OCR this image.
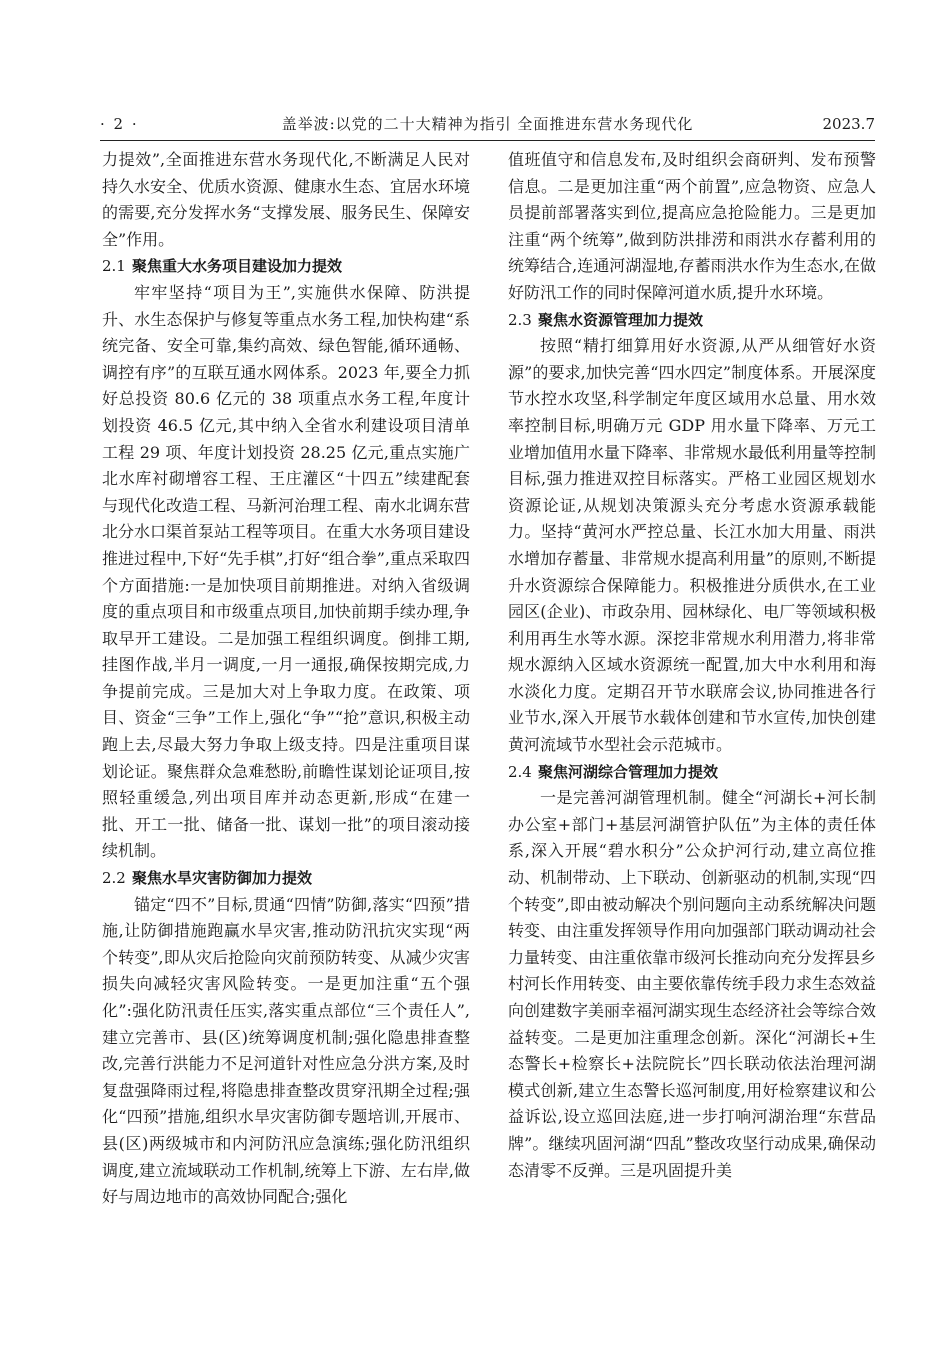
· 2 ·	盖举波:以党的二十大精神为指引 全面推进东营水务现代化	2023.7

力提效”,全面推进东营水务现代化,不断满足人民对持久水安全、优质水资源、健康水生态、宜居水环境的需要,充分发挥水务“支撑发展、服务民生、保障安全”作用。

2.1 聚焦重大水务项目建设加力提效

牢牢坚持“项目为王”,实施供水保障、防洪提升、水生态保护与修复等重点水务工程,加快构建“系统完备、安全可靠,集约高效、绿色智能,循环通畅、调控有序”的互联互通水网体系。2023 年,要全力抓好总投资 80.6 亿元的 38 项重点水务工程,年度计划投资 46.5 亿元,其中纳入全省水利建设项目清单工程 29 项、年度计划投资 28.25 亿元,重点实施广北水库衬砌增容工程、王庄灌区“十四五”续建配套与现代化改造工程、马新河治理工程、南水北调东营北分水口渠首泵站工程等项目。在重大水务项目建设推进过程中,下好“先手棋”,打好“组合拳”,重点采取四个方面措施:一是加快项目前期推进。对纳入省级调度的重点项目和市级重点项目,加快前期手续办理,争取早开工建设。二是加强工程组织调度。倒排工期,挂图作战,半月一调度,一月一通报,确保按期完成,力争提前完成。三是加大对上争取力度。在政策、项目、资金“三争”工作上,强化“争”“抢”意识,积极主动跑上去,尽最大努力争取上级支持。四是注重项目谋划论证。聚焦群众急难愁盼,前瞻性谋划论证项目,按照轻重缓急,列出项目库并动态更新,形成“在建一批、开工一批、储备一批、谋划一批”的项目滚动接续机制。

2.2 聚焦水旱灾害防御加力提效

锚定“四不”目标,贯通“四情”防御,落实“四预”措施,让防御措施跑赢水旱灾害,推动防汛抗灾实现“两个转变”,即从灾后抢险向灾前预防转变、从减少灾害损失向减轻灾害风险转变。一是更加注重“五个强化”:强化防汛责任压实,落实重点部位“三个责任人”,建立完善市、县(区)统筹调度机制;强化隐患排查整改,完善行洪能力不足河道针对性应急分洪方案,及时复盘强降雨过程,将隐患排查整改贯穿汛期全过程;强化“四预”措施,组织水旱灾害防御专题培训,开展市、县(区)两级城市和内河防汛应急演练;强化防汛组织调度,建立流域联动工作机制,统筹上下游、左右岸,做好与周边地市的高效协同配合;强化

值班值守和信息发布,及时组织会商研判、发布预警信息。二是更加注重“两个前置”,应急物资、应急人员提前部署落实到位,提高应急抢险能力。三是更加注重“两个统筹”,做到防洪排涝和雨洪水存蓄利用的统筹结合,连通河湖湿地,存蓄雨洪水作为生态水,在做好防汛工作的同时保障河道水质,提升水环境。

2.3 聚焦水资源管理加力提效

按照“精打细算用好水资源,从严从细管好水资源”的要求,加快完善“四水四定”制度体系。开展深度节水控水攻坚,科学制定年度区域用水总量、用水效率控制目标,明确万元 GDP 用水量下降率、万元工业增加值用水量下降率、非常规水最低利用量等控制目标,强力推进双控目标落实。严格工业园区规划水资源论证,从规划决策源头充分考虑水资源承载能力。坚持“黄河水严控总量、长江水加大用量、雨洪水增加存蓄量、非常规水提高利用量”的原则,不断提升水资源综合保障能力。积极推进分质供水,在工业园区(企业)、市政杂用、园林绿化、电厂等领域积极利用再生水等水源。深挖非常规水利用潜力,将非常规水源纳入区域水资源统一配置,加大中水利用和海水淡化力度。定期召开节水联席会议,协同推进各行业节水,深入开展节水载体创建和节水宣传,加快创建黄河流域节水型社会示范城市。

2.4 聚焦河湖综合管理加力提效

一是完善河湖管理机制。健全“河湖长+河长制办公室+部门+基层河湖管护队伍”为主体的责任体系,深入开展“碧水积分”公众护河行动,建立高位推动、机制带动、上下联动、创新驱动的机制,实现“四个转变”,即由被动解决个别问题向主动系统解决问题转变、由注重发挥领导作用向加强部门联动调动社会力量转变、由注重依靠市级河长推动向充分发挥县乡村河长作用转变、由主要依靠传统手段力求生态效益向创建数字美丽幸福河湖实现生态经济社会等综合效益转变。二是更加注重理念创新。深化“河湖长+生态警长+检察长+法院院长”四长联动依法治理河湖模式创新,建立生态警长巡河制度,用好检察建议和公益诉讼,设立巡回法庭,进一步打响河湖治理“东营品牌”。继续巩固河湖“四乱”整改攻坚行动成果,确保动态清零不反弹。三是巩固提升美
